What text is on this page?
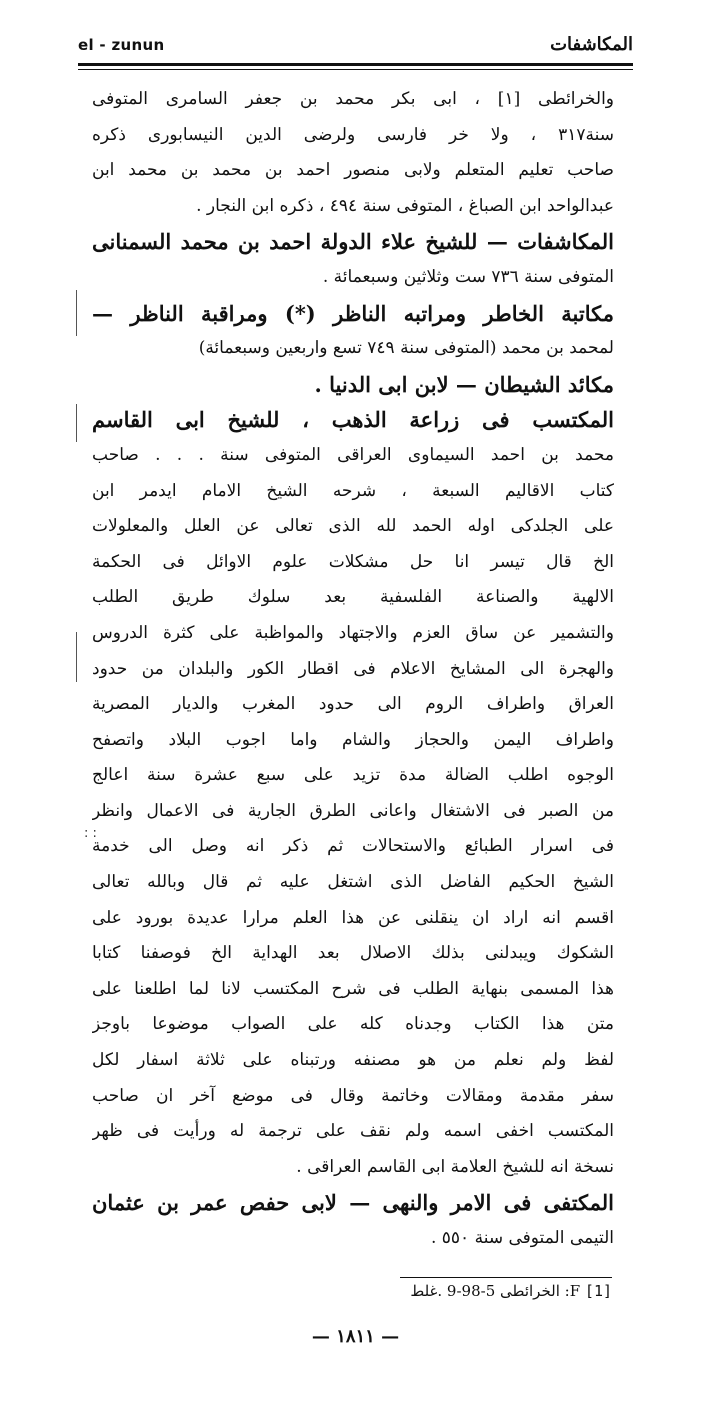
el - zunun	المكاشفات
: :
والخرائطى [١] ، ابى بكر محمد بن جعفر السامرى المتوفى
سنة٣١٧ ، ولا خر فارسى ولرضى الدين النيسابورى ذكره
صاحب تعليم المتعلم ولابى منصور احمد بن محمد بن محمد ابن
عبدالواحد ابن الصباغ ، المتوفى سنة ٤٩٤ ، ذكره ابن النجار .
المكاشفات — للشيخ علاء الدولة احمد بن محمد السمنانى
المتوفى سنة ٧٣٦ ست وثلاثين وسبعمائة .
مكاتبة الخاطر ومراتبه الناظر (*) ومراقبة الناظر —
لمحمد بن محمد (المتوفى سنة ٧٤٩ تسع واربعين وسبعمائة)
مكائد الشيطان — لابن ابى الدنيا .
المكتسب فى زراعة الذهب ، للشيخ ابى القاسم
محمد بن احمد السيماوى العراقى المتوفى سنة . . . صاحب
كتاب الاقاليم السبعة ، شرحه الشيخ الامام ايدمر ابن
على الجلدكى اوله الحمد لله الذى تعالى عن العلل والمعلولات
الخ قال تيسر انا حل مشكلات علوم الاوائل فى الحكمة
الالهية والصناعة الفلسفية بعد سلوك طريق الطلب
والتشمير عن ساق العزم والاجتهاد والمواظبة على كثرة الدروس
والهجرة الى المشايخ الاعلام فى اقطار الكور والبلدان من حدود
العراق واطراف الروم الى حدود المغرب والديار المصرية
واطراف اليمن والحجاز والشام واما اجوب البلاد واتصفح
الوجوه اطلب الضالة مدة تزيد على سبع عشرة سنة اعالج
من الصبر فى الاشتغال واعانى الطرق الجارية فى الاعمال وانظر
فى اسرار الطبائع والاستحالات ثم ذكر انه وصل الى خدمة
الشيخ الحكيم الفاضل الذى اشتغل عليه ثم قال وبالله تعالى
اقسم انه اراد ان ينقلنى عن هذا العلم مرارا عديدة بورود على
الشكوك ويبدلنى بذلك الاصلال بعد الهداية الخ فوصفنا كتابا
هذا المسمى بنهاية الطلب فى شرح المكتسب لانا لما اطلعنا على
متن هذا الكتاب وجدناه كله على الصواب موضوعا باوجز
لفظ ولم نعلم من هو مصنفه ورتبناه على ثلاثة اسفار لكل
سفر مقدمة ومقالات وخاتمة وقال فى موضع آخر ان صاحب
المكتسب اخفى اسمه ولم نقف على ترجمة له ورأيت فى ظهر
نسخة انه للشيخ العلامة ابى القاسم العراقى .
المكتفى فى الامر والنهى — لابى حفص عمر بن عثمان
التيمى المتوفى سنة ٥٥٠ .
[1] F: الخرائطى 5-98-9 .غلط
— ١٨١١ —
